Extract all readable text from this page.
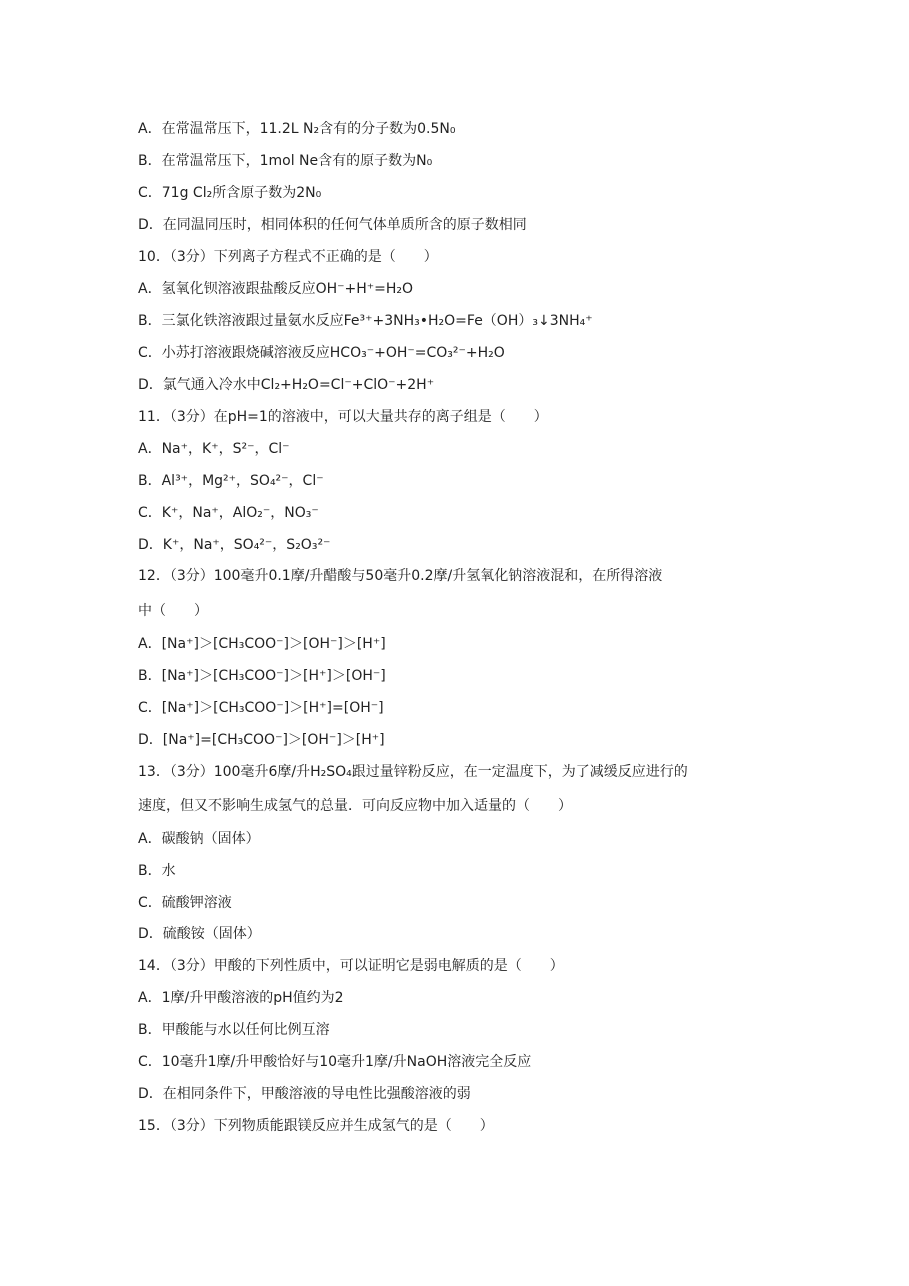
A．在常温常压下，11.2L N₂含有的分子数为0.5N₀
B．在常温常压下，1mol Ne含有的原子数为N₀
C．71g Cl₂所含原子数为2N₀
D．在同温同压时，相同体积的任何气体单质所含的原子数相同
10．（3分）下列离子方程式不正确的是（　　）
A．氢氧化钡溶液跟盐酸反应OH⁻+H⁺=H₂O
B．三氯化铁溶液跟过量氨水反应Fe³⁺+3NH₃•H₂O=Fe（OH）₃↓3NH₄⁺
C．小苏打溶液跟烧碱溶液反应HCO₃⁻+OH⁻=CO₃²⁻+H₂O
D．氯气通入冷水中Cl₂+H₂O=Cl⁻+ClO⁻+2H⁺
11．（3分）在pH=1的溶液中，可以大量共存的离子组是（　　）
A．Na⁺，K⁺，S²⁻，Cl⁻
B．Al³⁺，Mg²⁺，SO₄²⁻，Cl⁻
C．K⁺，Na⁺，AlO₂⁻，NO₃⁻
D．K⁺，Na⁺，SO₄²⁻，S₂O₃²⁻
12．（3分）100毫升0.1摩/升醋酸与50毫升0.2摩/升氢氧化钠溶液混和，在所得溶液
中（　　）
A．[Na⁺]＞[CH₃COO⁻]＞[OH⁻]＞[H⁺]
B．[Na⁺]＞[CH₃COO⁻]＞[H⁺]＞[OH⁻]
C．[Na⁺]＞[CH₃COO⁻]＞[H⁺]=[OH⁻]
D．[Na⁺]=[CH₃COO⁻]＞[OH⁻]＞[H⁺]
13．（3分）100毫升6摩/升H₂SO₄跟过量锌粉反应，在一定温度下，为了减缓反应进行的
速度，但又不影响生成氢气的总量．可向反应物中加入适量的（　　）
A．碳酸钠（固体）
B．水
C．硫酸钾溶液
D．硫酸铵（固体）
14．（3分）甲酸的下列性质中，可以证明它是弱电解质的是（　　）
A．1摩/升甲酸溶液的pH值约为2
B．甲酸能与水以任何比例互溶
C．10毫升1摩/升甲酸恰好与10毫升1摩/升NaOH溶液完全反应
D．在相同条件下，甲酸溶液的导电性比强酸溶液的弱
15．（3分）下列物质能跟镁反应并生成氢气的是（　　）
